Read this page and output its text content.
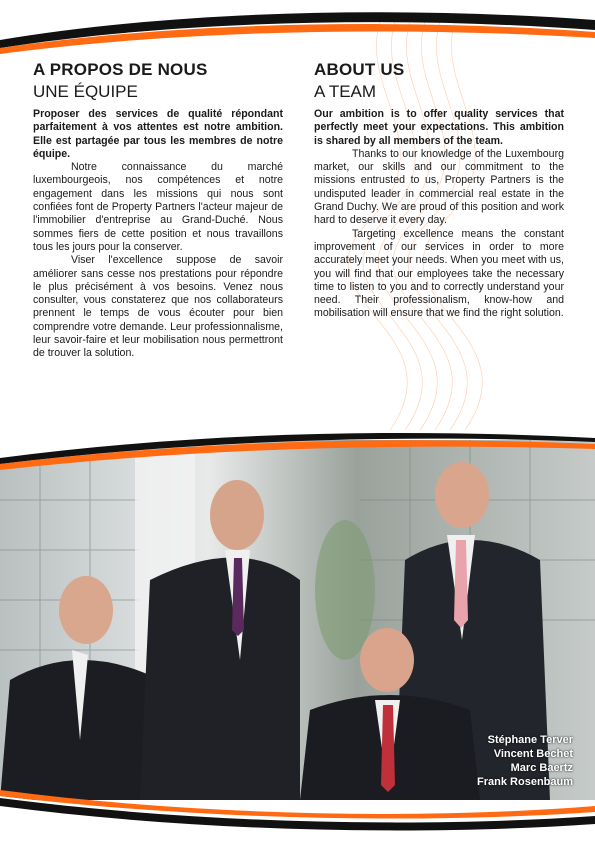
A PROPOS DE NOUS
UNE ÉQUIPE

Proposer des services de qualité répondant parfaitement à vos attentes est notre ambition. Elle est partagée par tous les membres de notre équipe.

Notre connaissance du marché luxembourgeois, nos compétences et notre engagement dans les missions qui nous sont confiées font de Property Partners l'acteur majeur de l'immobilier d'entreprise au Grand-Duché. Nous sommes fiers de cette position et nous travaillons tous les jours pour la conserver.

Viser l'excellence suppose de savoir améliorer sans cesse nos prestations pour répondre le plus précisément à vos besoins. Venez nous consulter, vous constaterez que nos collaborateurs prennent le temps de vous écouter pour bien comprendre votre demande. Leur professionnalisme, leur savoir-faire et leur mobilisation nous permettront de trouver la solution.

ABOUT US
A TEAM

Our ambition is to offer quality services that perfectly meet your expectations. This ambition is shared by all members of the team.

Thanks to our knowledge of the Luxembourg market, our skills and our commitment to the missions entrusted to us, Property Partners is the undisputed leader in commercial real estate in the Grand Duchy. We are proud of this position and work hard to deserve it every day.

Targeting excellence means the constant improvement of our services in order to more accurately meet your needs. When you meet with us, you will find that our employees take the necessary time to listen to you and to correctly understand your need. Their professionalism, know-how and mobilisation will ensure that we find the right solution.

Stéphane Terver
Vincent Bechet
Marc Baertz
Frank Rosenbaum
